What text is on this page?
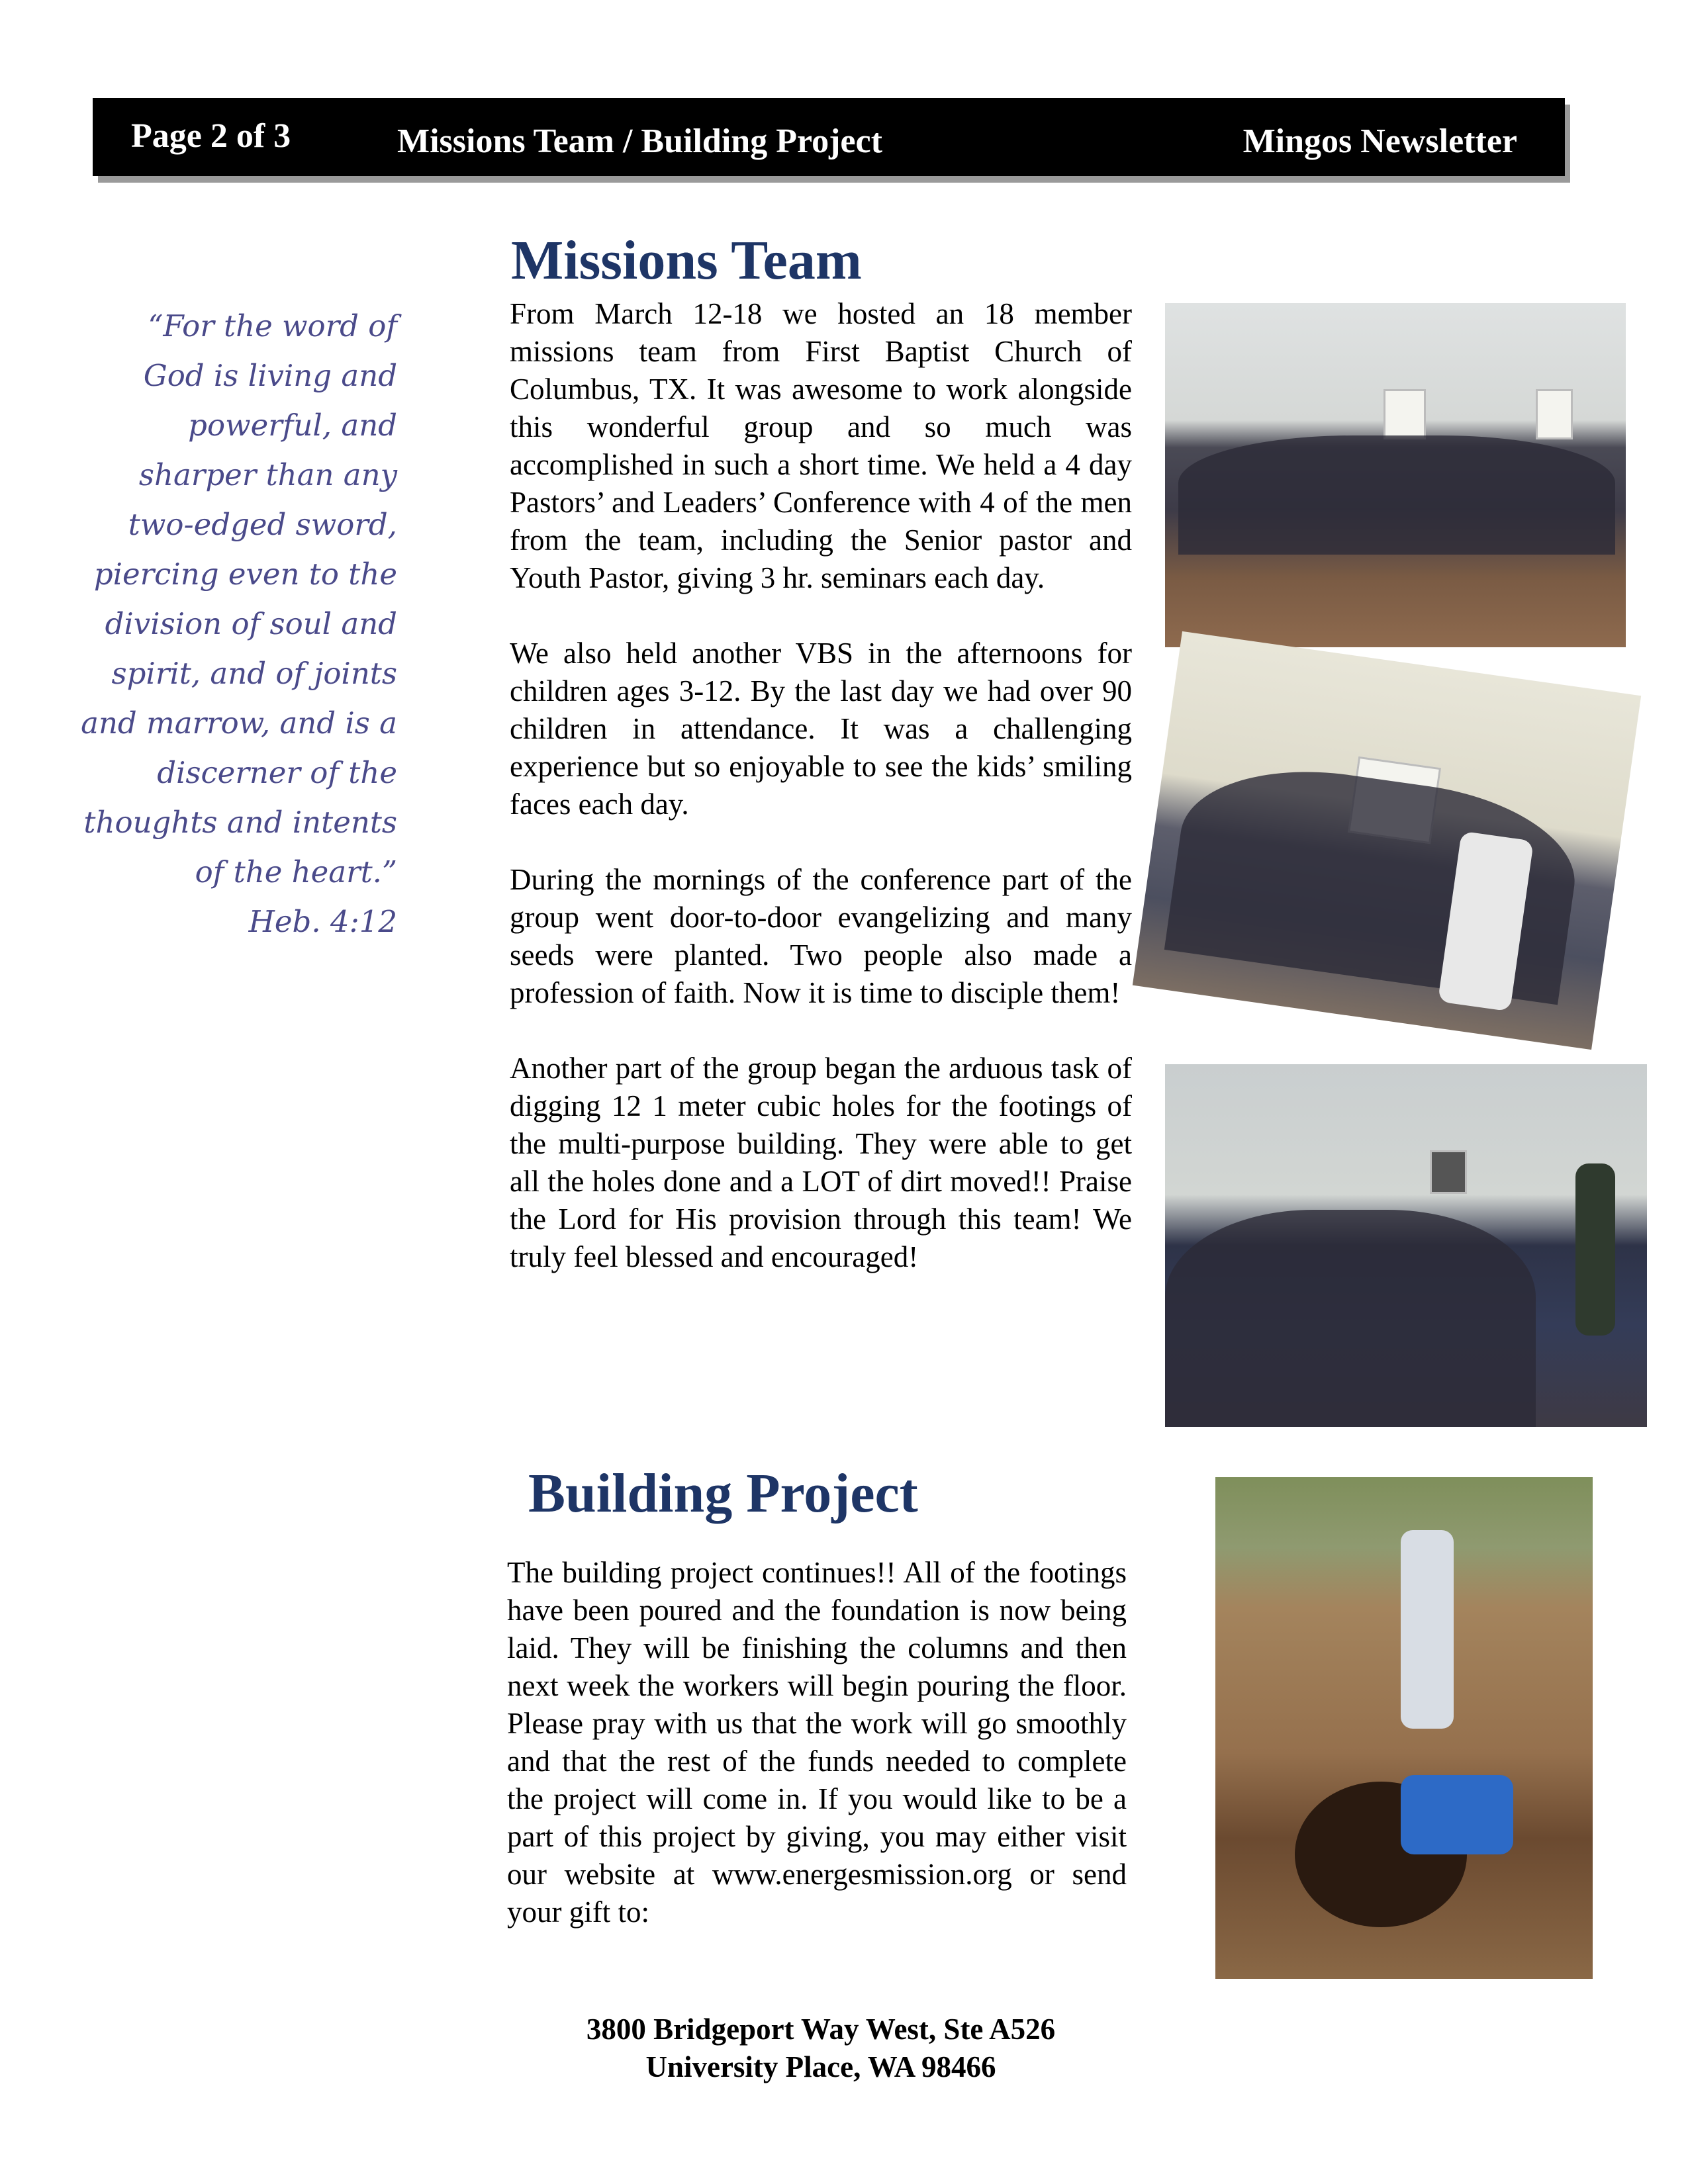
Page 2 of 3	Missions Team / Building Project	Mingos Newsletter
“For the word of
God is living and
powerful, and
sharper than any
two-edged sword,
piercing even to the
division of soul and
spirit, and of joints
and marrow, and is a
discerner of the
thoughts and intents
of the heart.”
Heb. 4:12
Missions Team

From March 12-18 we hosted an 18 member missions team from First Baptist Church of Columbus, TX. It was awesome to work alongside this wonderful group and so much was accomplished in such a short time. We held a 4 day Pastors’ and Leaders’ Conference with 4 of the men from the team, including the Senior pastor and Youth Pastor, giving 3 hr. seminars each day.

We also held another VBS in the afternoons for children ages 3-12. By the last day we had over 90 children in attendance. It was a challenging experience but so enjoyable to see the kids’ smiling faces each day.

During the mornings of the conference part of the group went door-to-door evangelizing and many seeds were planted. Two people also made a profession of faith. Now it is time to disciple them!

Another part of the group began the arduous task of digging 12 1 meter cubic holes for the footings of the multi-purpose building. They were able to get all the holes done and a LOT of dirt moved!! Praise the Lord for His provision through this team! We truly feel blessed and encouraged!

Building Project

The building project continues!! All of the footings have been poured and the foundation is now being laid. They will be finishing the columns and then next week the workers will begin pouring the floor. Please pray with us that the work will go smoothly and that the rest of the funds needed to complete the project will come in. If you would like to be a part of this project by giving, you may either visit our website at www.energesmission.org or send your gift to:

3800 Bridgeport Way West, Ste A526
University Place, WA 98466
